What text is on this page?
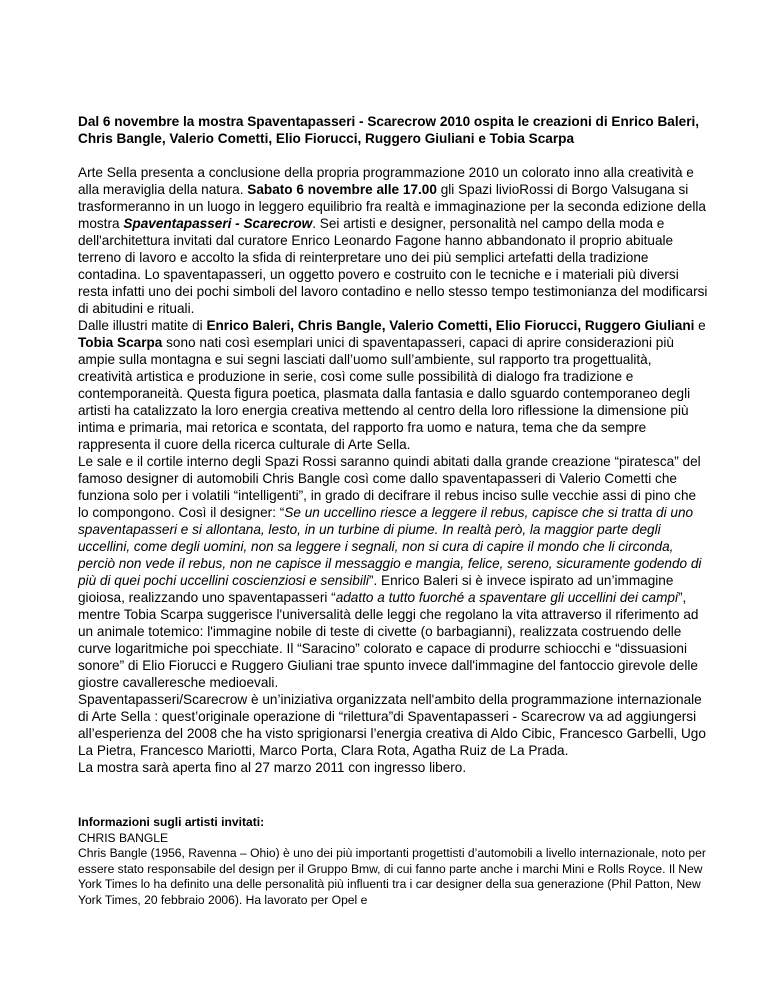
Dal 6 novembre la mostra Spaventapasseri - Scarecrow 2010 ospita le creazioni di Enrico Baleri, Chris Bangle, Valerio Cometti, Elio Fiorucci, Ruggero Giuliani e Tobia Scarpa

Arte Sella presenta a conclusione della propria programmazione 2010 un colorato inno alla creatività e alla meraviglia della natura. Sabato 6 novembre alle 17.00 gli Spazi livioRossi di Borgo Valsugana si trasformeranno in un luogo in leggero equilibrio fra realtà e immaginazione per la seconda edizione della mostra Spaventapasseri - Scarecrow. Sei artisti e designer, personalità nel campo della moda e dell'architettura invitati dal curatore Enrico Leonardo Fagone hanno abbandonato il proprio abituale terreno di lavoro e accolto la sfida di reinterpretare uno dei più semplici artefatti della tradizione contadina. Lo spaventapasseri, un oggetto povero e costruito con le tecniche e i materiali più diversi resta infatti uno dei pochi simboli del lavoro contadino e nello stesso tempo testimonianza del modificarsi di abitudini e rituali.

Dalle illustri matite di Enrico Baleri, Chris Bangle, Valerio Cometti, Elio Fiorucci, Ruggero Giuliani e Tobia Scarpa sono nati così esemplari unici di spaventapasseri, capaci di aprire considerazioni più ampie sulla montagna e sui segni lasciati dall’uomo sull’ambiente, sul rapporto tra progettualità, creatività artistica e produzione in serie, così come sulle possibilità di dialogo fra tradizione e contemporaneità. Questa figura poetica, plasmata dalla fantasia e dallo sguardo contemporaneo degli artisti ha catalizzato la loro energia creativa mettendo al centro della loro riflessione la dimensione più intima e primaria, mai retorica e scontata, del rapporto fra uomo e natura, tema che da sempre rappresenta il cuore della ricerca culturale di Arte Sella.

Le sale e il cortile interno degli Spazi Rossi saranno quindi abitati dalla grande creazione “piratesca” del famoso designer di automobili Chris Bangle così come dallo spaventapasseri di Valerio Cometti che funziona solo per i volatili “intelligenti”, in grado di decifrare il rebus inciso sulle vecchie assi di pino che lo compongono. Così il designer: “Se un uccellino riesce a leggere il rebus, capisce che si tratta di uno spaventapasseri e si allontana, lesto, in un turbine di piume. In realtà però, la maggior parte degli uccellini, come degli uomini, non sa leggere i segnali, non si cura di capire il mondo che li circonda, perciò non vede il rebus, non ne capisce il messaggio e mangia, felice, sereno, sicuramente godendo di più di quei pochi uccellini coscienziosi e sensibili”. Enrico Baleri si è invece ispirato ad un’immagine gioiosa, realizzando uno spaventapasseri “adatto a tutto fuorché a spaventare gli uccellini dei campi”, mentre Tobia Scarpa suggerisce l'universalità delle leggi che regolano la vita attraverso il riferimento ad un animale totemico: l'immagine nobile di teste di civette (o barbagianni), realizzata costruendo delle curve logaritmiche poi specchiate. Il “Saracino” colorato e capace di produrre schiocchi e “dissuasioni sonore” di Elio Fiorucci e Ruggero Giuliani trae spunto invece dall'immagine del fantoccio girevole delle giostre cavalleresche medioevali.

Spaventapasseri/Scarecrow è un’iniziativa organizzata nell'ambito della programmazione internazionale di Arte Sella : quest’originale operazione di “rilettura”di Spaventapasseri - Scarecrow va ad aggiungersi all’esperienza del 2008 che ha visto sprigionarsi l’energia creativa di Aldo Cibic, Francesco Garbelli, Ugo La Pietra, Francesco Mariotti, Marco Porta, Clara Rota, Agatha Ruiz de La Prada.

La mostra sarà aperta fino al 27 marzo 2011 con ingresso libero.

Informazioni sugli artisti invitati:

CHRIS BANGLE

Chris Bangle (1956, Ravenna – Ohio) è uno dei più importanti progettisti d’automobili a livello internazionale, noto per essere stato responsabile del design per il Gruppo Bmw, di cui fanno parte anche i marchi Mini e Rolls Royce. Il New York Times lo ha definito una delle personalità più influenti tra i car designer della sua generazione (Phil Patton, New York Times, 20 febbraio 2006). Ha lavorato per Opel e
